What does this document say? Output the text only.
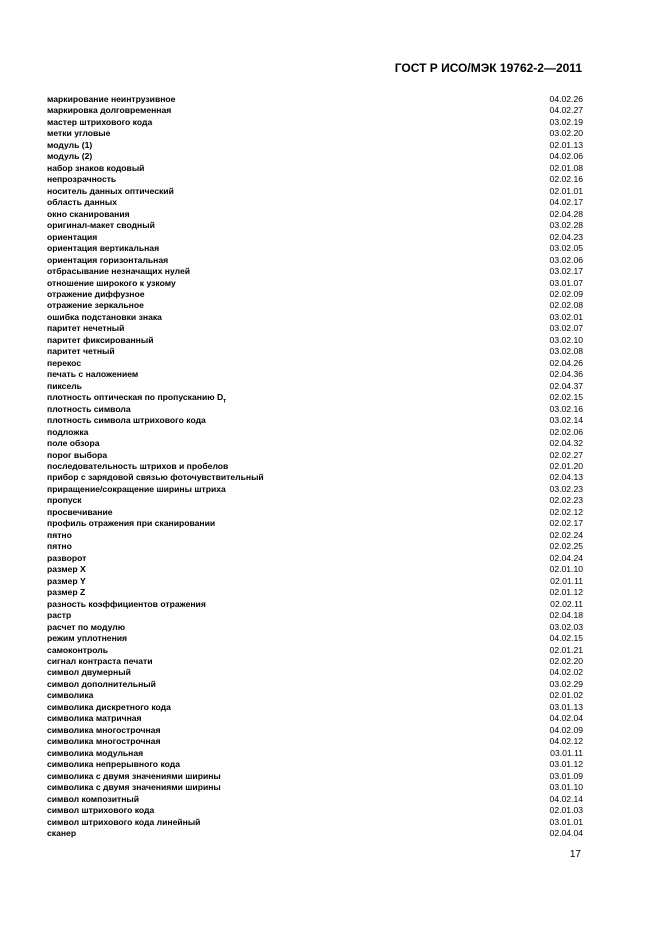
ГОСТ Р ИСО/МЭК 19762-2—2011
маркирование неинтрузивное	04.02.26
маркировка долговременная	04.02.27
мастер штрихового кода	03.02.19
метки угловые	03.02.20
модуль (1)	02.01.13
модуль (2)	04.02.06
набор знаков кодовый	02.01.08
непрозрачность	02.02.16
носитель данных оптический	02.01.01
область данных	04.02.17
окно сканирования	02.04.28
оригинал-макет сводный	03.02.28
ориентация	02.04.23
ориентация вертикальная	03.02.05
ориентация горизонтальная	03.02.06
отбрасывание незначащих нулей	03.02.17
отношение широкого к узкому	03.01.07
отражение диффузное	02.02.09
отражение зеркальное	02.02.08
ошибка подстановки знака	03.02.01
паритет нечетный	03.02.07
паритет фиксированный	03.02.10
паритет четный	03.02.08
перекос	02.04.26
печать с наложением	02.04.36
пиксель	02.04.37
плотность оптическая по пропусканию $D_т$	02.02.15
плотность символа	03.02.16
плотность символа штрихового кода	03.02.14
подложка	02.02.06
поле обзора	02.04.32
порог выбора	02.02.27
последовательность штрихов и пробелов	02.01.20
прибор с зарядовой связью фоточувствительный	02.04.13
приращение/сокращение ширины штриха	03.02.23
пропуск	02.02.23
просвечивание	02.02.12
профиль отражения при сканировании	02.02.17
пятно	02.02.24
пятно	02.02.25
разворот	02.04.24
размер X	02.01.10
размер Y	02.01.11
размер Z	02.01.12
разность коэффициентов отражения	02.02.11
растр	02.04.18
расчет по модулю	03.02.03
режим уплотнения	04.02.15
самоконтроль	02.01.21
сигнал контраста печати	02.02.20
символ двумерный	04.02.02
символ дополнительный	03.02.29
символика	02.01.02
символика дискретного кода	03.01.13
символика матричная	04.02.04
символика многострочная	04.02.09
символика многострочная	04.02.12
символика модульная	03.01.11
символика непрерывного кода	03.01.12
символика с двумя значениями ширины	03.01.09
символика с двумя значениями ширины	03.01.10
символ композитный	04.02.14
символ штрихового кода	02.01.03
символ штрихового кода линейный	03.01.01
сканер	02.04.04
17
